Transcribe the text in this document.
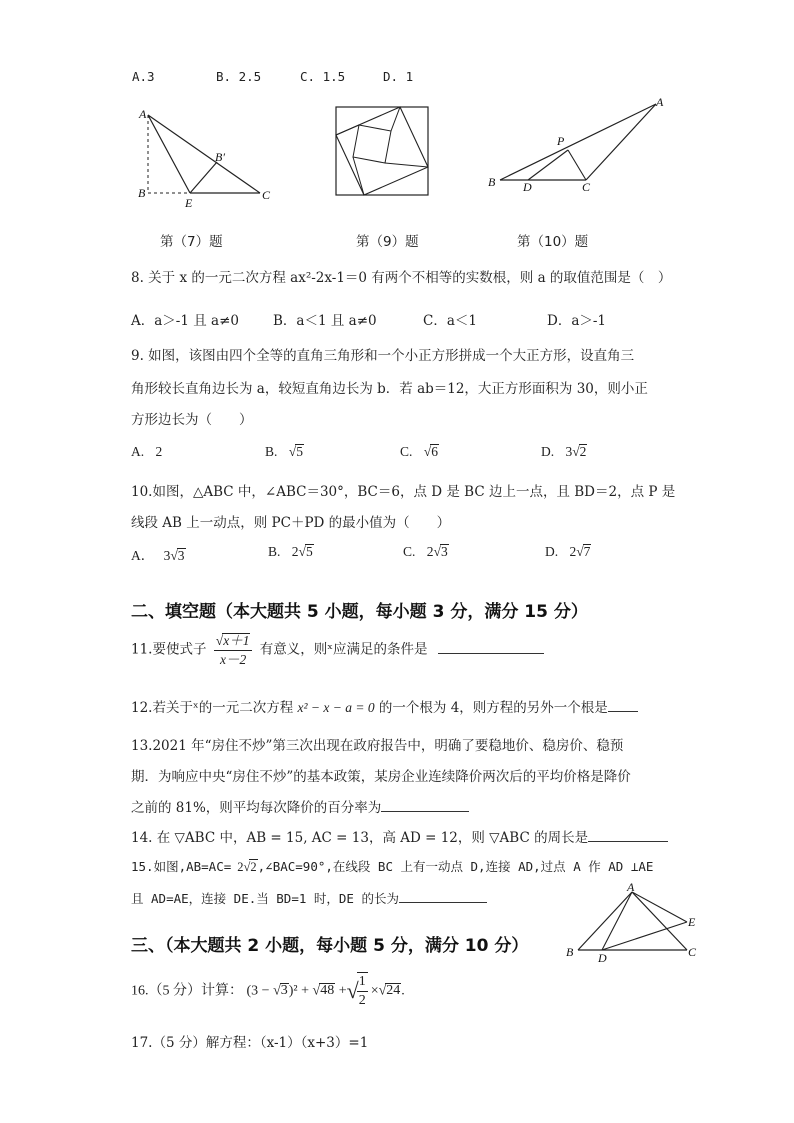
A.3	B. 2.5	C. 1.5	D. 1
A
B′
B
E
C
第（7）题	第（9）题
A
P
B D	C
第（10）题
8. 关于 x 的一元二次方程 ax²-2x-1＝0 有两个不相等的实数根，则 a 的取值范围是（　）
A．a＞-1 且 a≠0	B．a＜1 且 a≠0	C．a＜1	D．a＞-1
9. 如图，该图由四个全等的直角三角形和一个小正方形拼成一个大正方形，设直角三
角形较长直角边长为 a，较短直角边长为 b．若 ab＝12，大正方形面积为 30，则小正
方形边长为（　　）
A. 2	B. √5	C. √6	D. 3√2
10.如图，△ABC 中，∠ABC＝30°，BC＝6，点 D 是 BC 边上一点，且 BD＝2，点 P 是
线段 AB 上一动点，则 PC＋PD 的最小值为（　　）
A． 3√3	B. 2√5	C. 2√3	D. 2√7
二、填空题（本大题共 5 小题，每小题 3 分，满分 15 分）
11.要使式子 $\frac{√x+1}{x-2}$ 有意义，则ˣ应满足的条件是
12.若关于ˣ的一元二次方程 x² − x − a = 0 的一个根为 4，则方程的另外一个根是
13.2021 年“房住不炒”第三次出现在政府报告中，明确了要稳地价、稳房价、稳预
期．为响应中央“房住不炒”的基本政策，某房企业连续降价两次后的平均价格是降价
之前的 81%，则平均每次降价的百分率为
14. 在 ▽ABC 中，AB = 15, AC = 13，高 AD = 12，则 ▽ABC 的周长是
15.如图,AB=AC= 2√2,∠BAC=90°,在线段 BC 上有一动点 D,连接 AD,过点 A 作 AD ⊥AE
且 AD=AE，连接 DE.当 BD=1 时，DE 的长为
A
E
B D	C
三、（本大题共 2 小题，每小题 5 分，满分 10 分）
16.（5 分）计算： (3 − √3)² + √48 +√
$\frac{1}{2} \times√24$.
17.（5 分）解方程：（x-1）（x+3）=1
